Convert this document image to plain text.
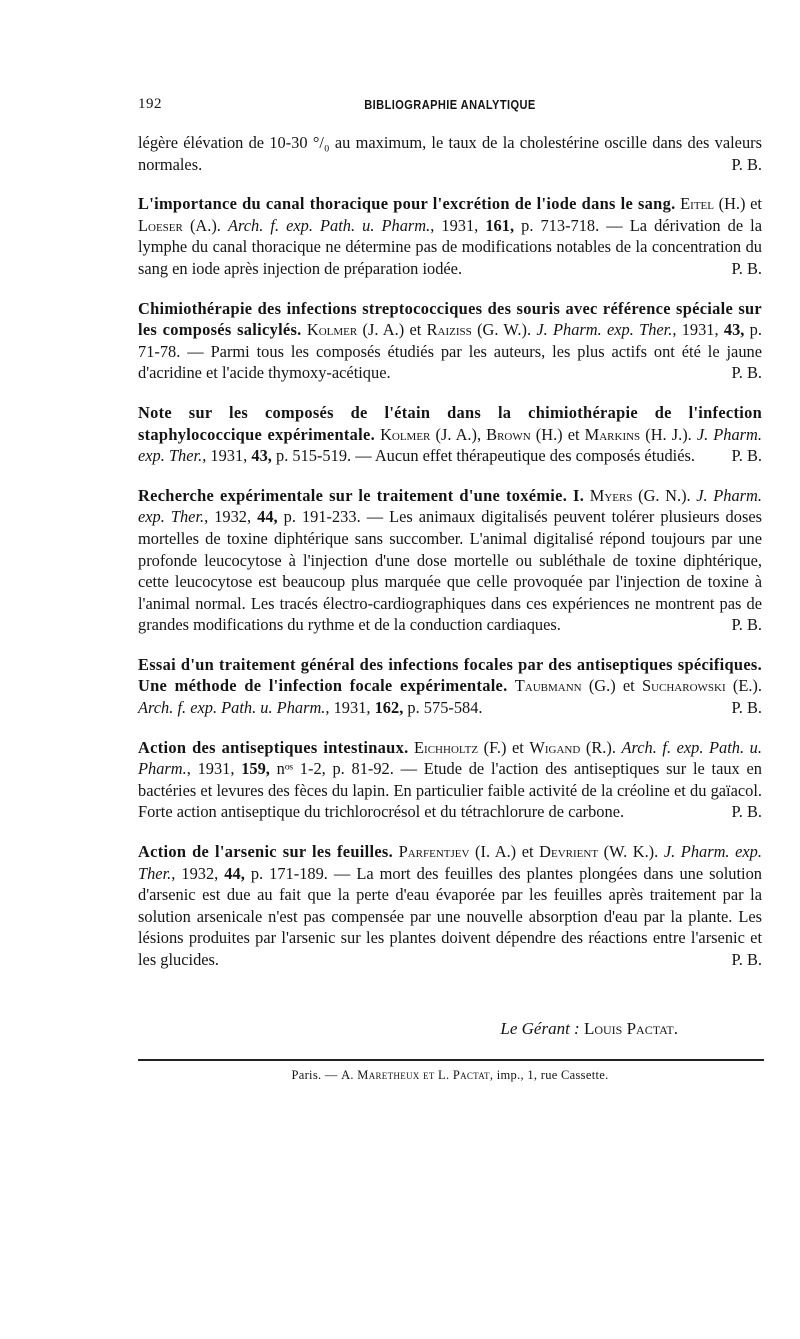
192	BIBLIOGRAPHIE ANALYTIQUE

légère élévation de 10-30 °/₀ au maximum, le taux de la cholestérine oscille dans des valeurs normales.	P. B.

L'importance du canal thoracique pour l'excrétion de l'iode dans le sang. Eitel (H.) et Loeser (A.). Arch. f. exp. Path. u. Pharm., 1931, 161, p. 713-718. — La dérivation de la lymphe du canal thoracique ne détermine pas de modifications notables de la concentration du sang en iode après injection de préparation iodée.	P. B.

Chimiothérapie des infections streptococciques des souris avec référence spéciale sur les composés salicylés. Kolmer (J. A.) et Raiziss (G. W.). J. Pharm. exp. Ther., 1931, 43, p. 71-78. — Parmi tous les composés étudiés par les auteurs, les plus actifs ont été le jaune d'acridine et l'acide thymoxy-acétique.	P. B.

Note sur les composés de l'étain dans la chimiothérapie de l'infection staphylococcique expérimentale. Kolmer (J. A.), Brown (H.) et Markins (H. J.). J. Pharm. exp. Ther., 1931, 43, p. 515-519. — Aucun effet thérapeutique des composés étudiés. P. B.

Recherche expérimentale sur le traitement d'une toxémie. I. Myers (G. N.). J. Pharm. exp. Ther., 1932, 44, p. 191-233. — Les animaux digitalisés peuvent tolérer plusieurs doses mortelles de toxine diphtérique sans succomber. L'animal digitalisé répond toujours par une profonde leucocytose à l'injection d'une dose mortelle ou subléthale de toxine diphtérique, cette leucocytose est beaucoup plus marquée que celle provoquée par l'injection de toxine à l'animal normal. Les tracés électro-cardiographiques dans ces expériences ne montrent pas de grandes modifications du rythme et de la conduction cardiaques.	P. B.

Essai d'un traitement général des infections focales par des antiseptiques spécifiques. Une méthode de l'infection focale expérimentale. Taubmann (G.) et Sucharowski (E.). Arch. f. exp. Path. u. Pharm., 1931, 162, p. 575-584.	P. B.

Action des antiseptiques intestinaux. Eichholtz (F.) et Wigand (R.). Arch. f. exp. Path. u. Pharm., 1931, 159, nᵒˢ 1-2, p. 81-92. — Etude de l'action des antiseptiques sur le taux en bactéries et levures des fèces du lapin. En particulier faible activité de la créoline et du gaïacol. Forte action antiseptique du trichlorocrésol et du tétrachlorure de carbone.	P. B.

Action de l'arsenic sur les feuilles. Parfentjev (I. A.) et Devrient (W. K.). J. Pharm. exp. Ther., 1932, 44, p. 171-189. — La mort des feuilles des plantes plongées dans une solution d'arsenic est due au fait que la perte d'eau évaporée par les feuilles après traitement par la solution arsenicale n'est pas compensée par une nouvelle absorption d'eau par la plante. Les lésions produites par l'arsenic sur les plantes doivent dépendre des réactions entre l'arsenic et les glucides.	P. B.

Le Gérant : Louis Pactat.
Paris. — A. Maretheux et L. Pactat, imp., 1, rue Cassette.
